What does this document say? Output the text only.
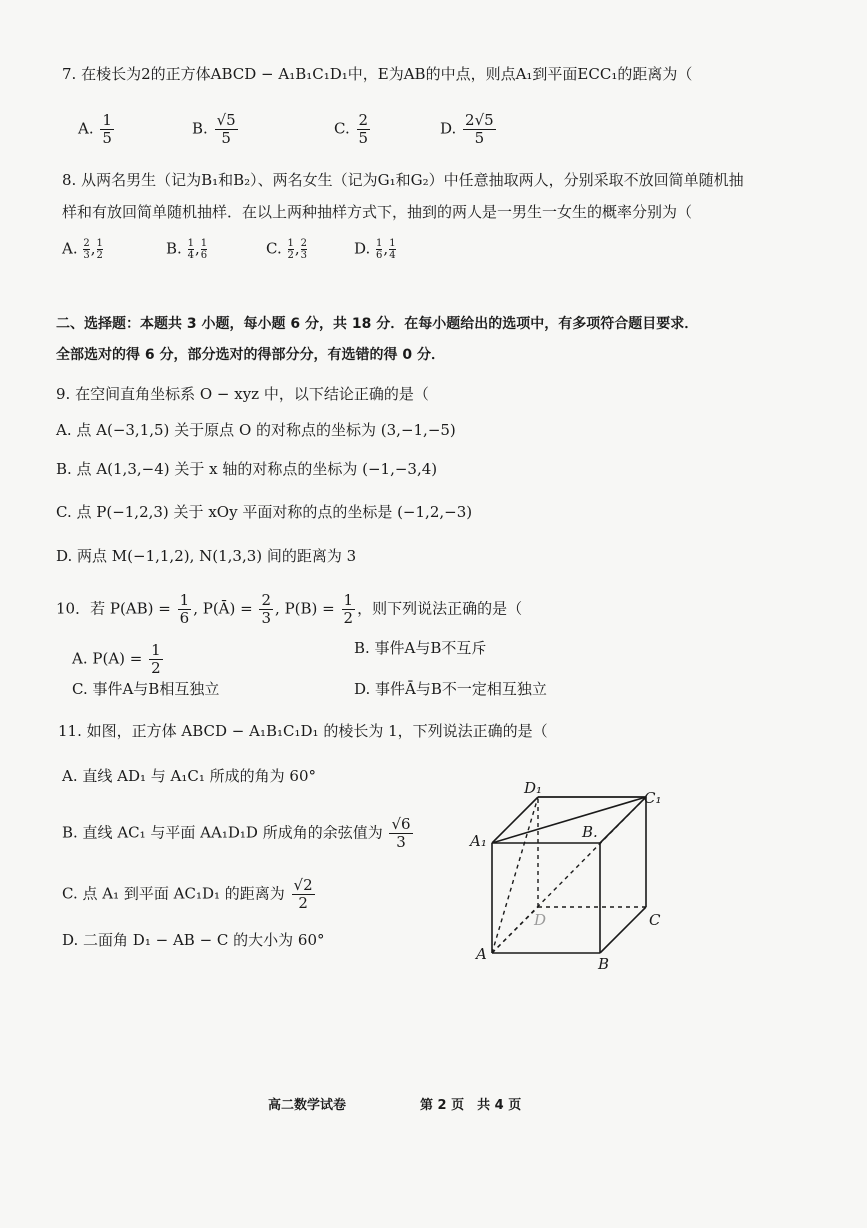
7. 在棱长为2的正方体ABCD − A₁B₁C₁D₁中，E为AB的中点，则点A₁到平面ECC₁的距离为（
A. $\frac{1}{5}$	B. $\frac{√5}{5}$	C. $\frac{2}{5}$	D. $\frac{2√5}{5}$
8. 从两名男生（记为B₁和B₂）、两名女生（记为G₁和G₂）中任意抽取两人，分别采取不放回简单随机抽
样和有放回简单随机抽样．在以上两种抽样方式下，抽到的两人是一男生一女生的概率分别为（
A. $\frac{2}{3}$ , $\frac{1}{2}$	B. $\frac{1}{4}$ , $\frac{1}{6}$	C. $\frac{1}{2}$ , $\frac{2}{3}$	D. $\frac{1}{6}$ , $\frac{1}{4}$
二、选择题：本题共 3 小题，每小题 6 分，共 18 分．在每小题给出的选项中，有多项符合题目要求．
全部选对的得 6 分，部分选对的得部分分，有选错的得 0 分．
9. 在空间直角坐标系 O − xyz 中，以下结论正确的是（
A. 点 A(−3,1,5) 关于原点 O 的对称点的坐标为 (3,−1,−5)
B. 点 A(1,3,−4) 关于 x 轴的对称点的坐标为 (−1,−3,4)
C. 点 P(−1,2,3) 关于 xOy 平面对称的点的坐标是 (−1,2,−3)
D. 两点 M(−1,1,2), N(1,3,3) 间的距离为 3
10．若 $P(AB) = \frac{1}{6}$ , P(Ā) = $\frac{2}{3}$ , $P(B) = \frac{1}{2}$ ，则下列说法正确的是（
A. $P(A) = \frac{1}{2}$	B. 事件A与B不互斥
C. 事件A与B相互独立	D. 事件Ā与B不一定相互独立
11. 如图，正方体 ABCD − A₁B₁C₁D₁ 的棱长为 1，下列说法正确的是（
A. 直线 AD₁ 与 A₁C₁ 所成的角为 60°
B. 直线 AC₁ 与平面 AA₁D₁D 所成角的余弦值为 $\frac{√6}{3}$
C. 点 A₁ 到平面 AC₁D₁ 的距离为 $\frac{√2}{2}$
D. 二面角 D₁ − AB − C 的大小为 60°
D₁
C₁
A₁	B.
A
B
C
D
高二数学试卷	第 2 页　共 4 页
